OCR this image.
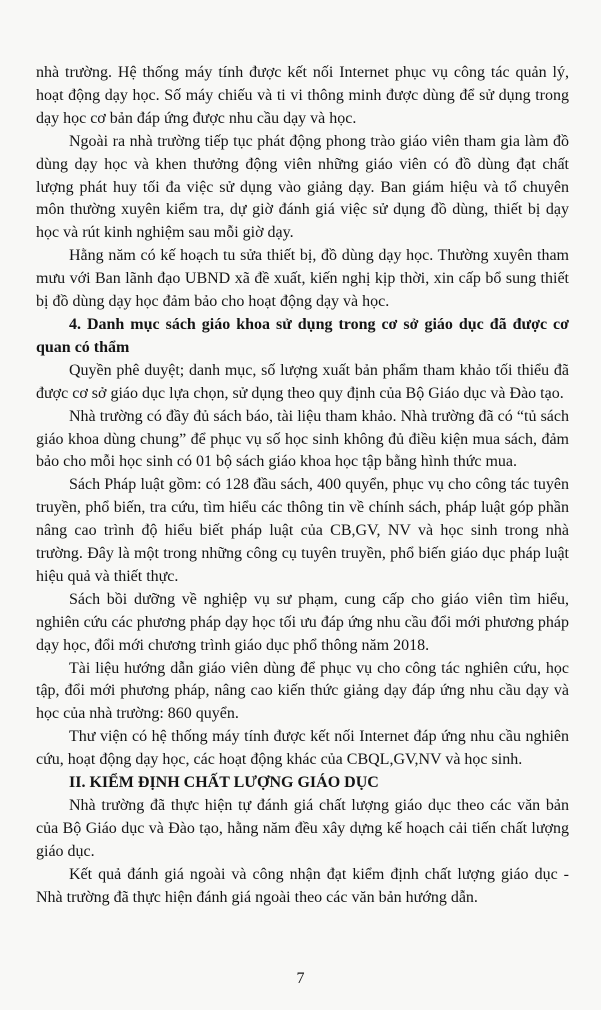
nhà trường. Hệ thống máy tính được kết nối Internet phục vụ công tác quản lý, hoạt động dạy học. Số máy chiếu và ti vi thông minh được dùng để sử dụng trong dạy học cơ bản đáp ứng được nhu cầu dạy và học.

Ngoài ra nhà trường tiếp tục phát động phong trào giáo viên tham gia làm đồ dùng dạy học và khen thưởng động viên những giáo viên có đồ dùng đạt chất lượng phát huy tối đa việc sử dụng vào giảng dạy. Ban giám hiệu và tổ chuyên môn thường xuyên kiểm tra, dự giờ đánh giá việc sử dụng đồ dùng, thiết bị dạy học và rút kinh nghiệm sau mỗi giờ dạy.

Hằng năm có kế hoạch tu sửa thiết bị, đồ dùng dạy học. Thường xuyên tham mưu với Ban lãnh đạo UBND xã đề xuất, kiến nghị kịp thời, xin cấp bổ sung thiết bị đồ dùng dạy học đảm bảo cho hoạt động dạy và học.

4. Danh mục sách giáo khoa sử dụng trong cơ sở giáo dục đã được cơ quan có thẩm

Quyền phê duyệt; danh mục, số lượng xuất bản phẩm tham khảo tối thiểu đã được cơ sở giáo dục lựa chọn, sử dụng theo quy định của Bộ Giáo dục và Đào tạo.

Nhà trường có đầy đủ sách báo, tài liệu tham khảo. Nhà trường đã có “tủ sách giáo khoa dùng chung” để phục vụ số học sinh không đủ điều kiện mua sách, đảm bảo cho mỗi học sinh có 01 bộ sách giáo khoa học tập bằng hình thức mua.

Sách Pháp luật gồm: có 128 đầu sách, 400 quyển, phục vụ cho công tác tuyên truyền, phổ biến, tra cứu, tìm hiểu các thông tin về chính sách, pháp luật góp phần nâng cao trình độ hiểu biết pháp luật của CB,GV, NV và học sinh trong nhà trường. Đây là một trong những công cụ tuyên truyền, phổ biến giáo dục pháp luật hiệu quả và thiết thực.

Sách bồi dưỡng về nghiệp vụ sư phạm, cung cấp cho giáo viên tìm hiểu, nghiên cứu các phương pháp dạy học tối ưu đáp ứng nhu cầu đổi mới phương pháp dạy học, đổi mới chương trình giáo dục phổ thông năm 2018.

Tài liệu hướng dẫn giáo viên dùng để phục vụ cho công tác nghiên cứu, học tập, đổi mới phương pháp, nâng cao kiến thức giảng dạy đáp ứng nhu cầu dạy và học của nhà trường: 860 quyển.

Thư viện có hệ thống máy tính được kết nối Internet đáp ứng nhu cầu nghiên cứu, hoạt động dạy học, các hoạt động khác của CBQL,GV,NV và học sinh.

II. KIỂM ĐỊNH CHẤT LƯỢNG GIÁO DỤC

Nhà trường đã thực hiện tự đánh giá chất lượng giáo dục theo các văn bản của Bộ Giáo dục và Đào tạo, hằng năm đều xây dựng kế hoạch cải tiến chất lượng giáo dục.

Kết quả đánh giá ngoài và công nhận đạt kiểm định chất lượng giáo dục - Nhà trường đã thực hiện đánh giá ngoài theo các văn bản hướng dẫn.

7
